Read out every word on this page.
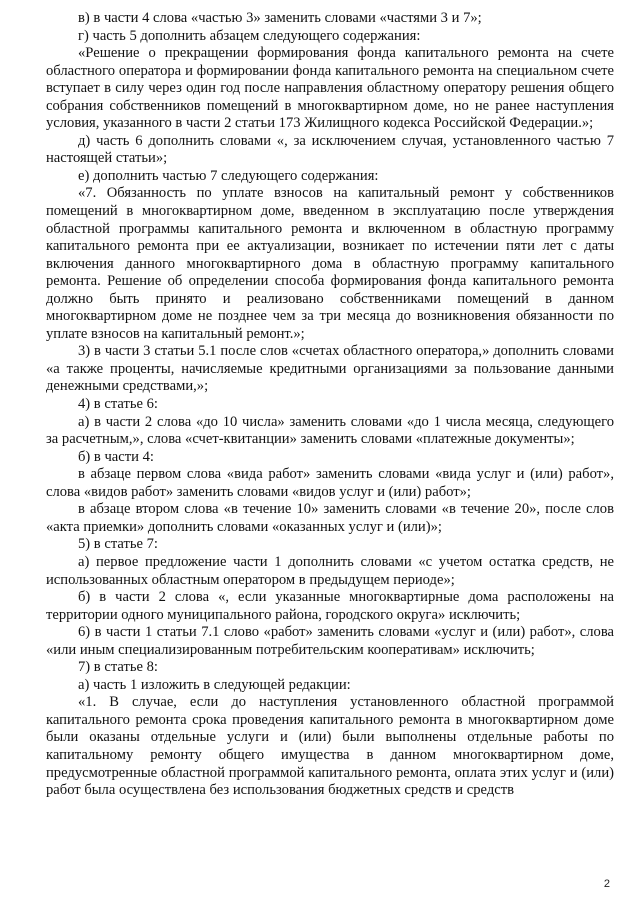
в) в части 4 слова «частью 3» заменить словами «частями 3 и 7»;

г) часть 5 дополнить абзацем следующего содержания:

«Решение о прекращении формирования фонда капитального ремонта на счете областного оператора и формировании фонда капитального ремонта на специальном счете вступает в силу через один год после направления областному оператору решения общего собрания собственников помещений в многоквартирном доме, но не ранее наступления условия, указанного в части 2 статьи 173 Жилищного кодекса Российской Федерации.»;

д) часть 6 дополнить словами «, за исключением случая, установленного частью 7 настоящей статьи»;

е) дополнить частью 7 следующего содержания:

«7. Обязанность по уплате взносов на капитальный ремонт у собственников помещений в многоквартирном доме, введенном в эксплуатацию после утверждения областной программы капитального ремонта и включенном в областную программу капитального ремонта при ее актуализации, возникает по истечении пяти лет с даты включения данного многоквартирного дома в областную программу капитального ремонта. Решение об определении способа формирования фонда капитального ремонта должно быть принято и реализовано собственниками помещений в данном многоквартирном доме не позднее чем за три месяца до возникновения обязанности по уплате взносов на капитальный ремонт.»;

3) в части 3 статьи 5.1 после слов «счетах областного оператора,» дополнить словами «а также проценты, начисляемые кредитными организациями за пользование данными денежными средствами,»;

4) в статье 6:

а) в части 2 слова «до 10 числа» заменить словами «до 1 числа месяца, следующего за расчетным,», слова «счет-квитанции» заменить словами «платежные документы»;

б) в части 4:

в абзаце первом слова «вида работ» заменить словами «вида услуг и (или) работ», слова «видов работ» заменить словами «видов услуг и (или) работ»;

в абзаце втором слова «в течение 10» заменить словами «в течение 20», после слов «акта приемки» дополнить словами «оказанных услуг и (или)»;

5) в статье 7:

а) первое предложение части 1 дополнить словами «с учетом остатка средств, не использованных областным оператором в предыдущем периоде»;

б) в части 2 слова «, если указанные многоквартирные дома расположены на территории одного муниципального района, городского округа» исключить;

6) в части 1 статьи 7.1 слово «работ» заменить словами «услуг и (или) работ», слова «или иным специализированным потребительским кооперативам» исключить;

7) в статье 8:

а) часть 1 изложить в следующей редакции:

«1. В случае, если до наступления установленного областной программой капитального ремонта срока проведения капитального ремонта в многоквартирном доме были оказаны отдельные услуги и (или) были выполнены отдельные работы по капитальному ремонту общего имущества в данном многоквартирном доме, предусмотренные областной программой капитального ремонта, оплата этих услуг и (или) работ была осуществлена без использования бюджетных средств и средств

2
